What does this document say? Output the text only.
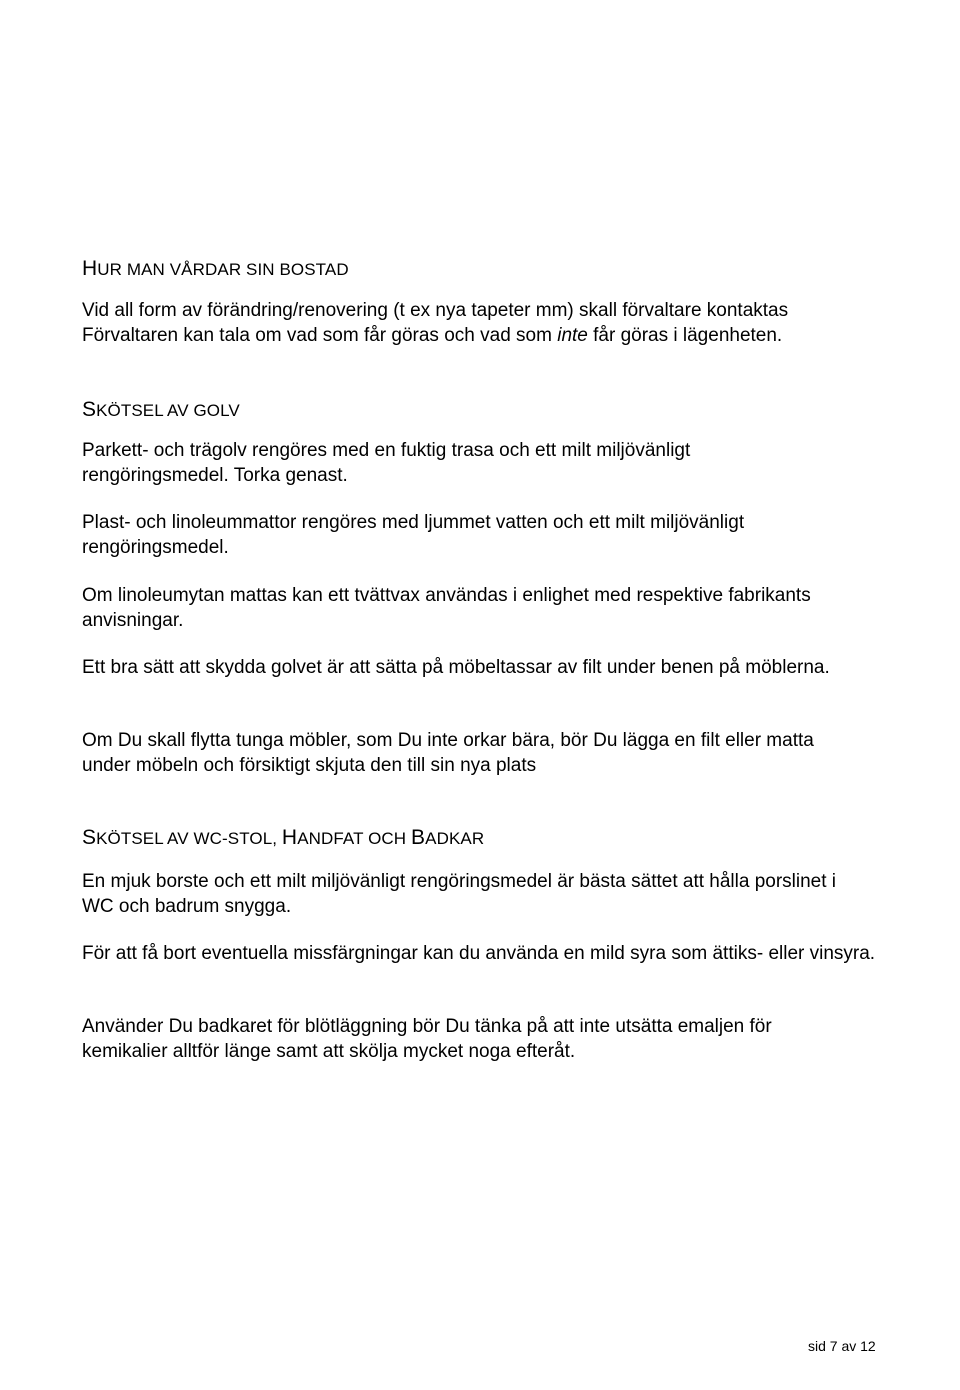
HUR MAN VÅRDAR SIN BOSTAD

Vid all form av förändring/renovering (t ex nya tapeter mm) skall förvaltare kontaktas
Förvaltaren kan tala om vad som får göras och vad som inte får göras i lägenheten.

SKÖTSEL AV GOLV

Parkett- och trägolv rengöres med en fuktig trasa och ett milt miljövänligt rengöringsmedel. Torka genast.

Plast- och linoleummattor rengöres med ljummet vatten och ett milt miljövänligt rengöringsmedel.

Om linoleumytan mattas kan ett tvättvax användas i enlighet med respektive fabrikants anvisningar.

Ett bra sätt att skydda golvet är att sätta på möbeltassar av filt under benen på möblerna.

Om Du skall flytta tunga möbler, som Du inte orkar bära, bör Du lägga en filt eller matta under möbeln och försiktigt skjuta den till sin nya plats

SKÖTSEL AV WC-STOL, HANDFAT OCH BADKAR

En mjuk borste och ett milt miljövänligt rengöringsmedel är bästa sättet att hålla porslinet i WC och badrum snygga.

För att få bort eventuella missfärgningar kan du använda en mild syra som ättiks- eller vinsyra.

Använder Du badkaret för blötläggning bör Du tänka på att inte utsätta emaljen för kemikalier alltför länge samt att skölja mycket noga efteråt.

sid 7 av 12
